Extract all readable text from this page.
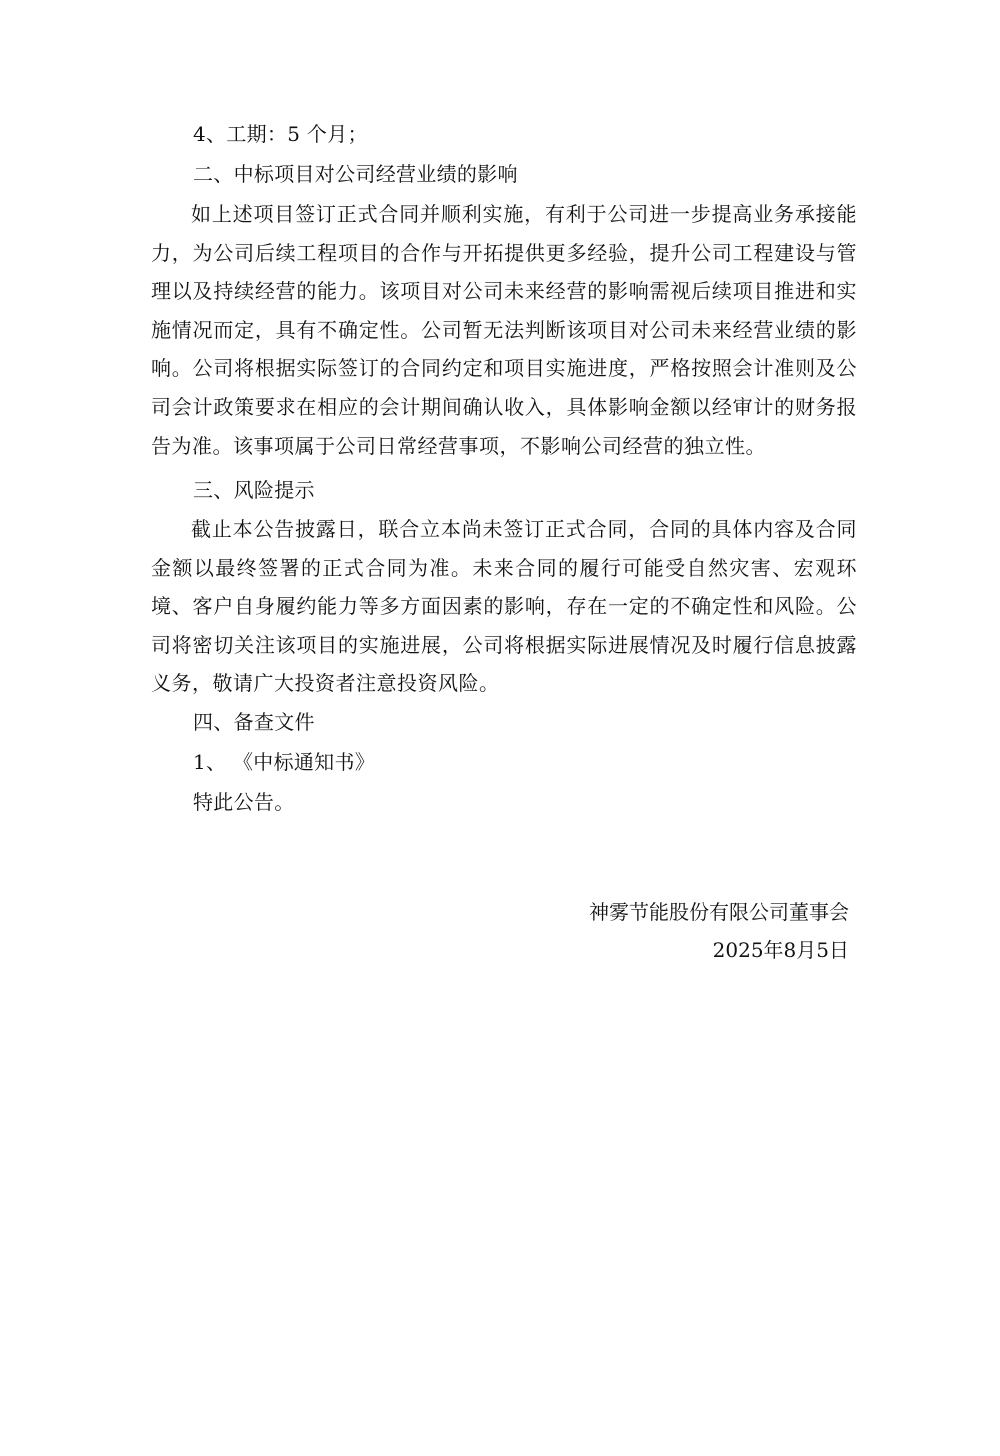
4、工期：5 个月；
二、中标项目对公司经营业绩的影响
如上述项目签订正式合同并顺利实施，有利于公司进一步提高业务承接能力，为公司后续工程项目的合作与开拓提供更多经验，提升公司工程建设与管理以及持续经营的能力。该项目对公司未来经营的影响需视后续项目推进和实施情况而定，具有不确定性。公司暂无法判断该项目对公司未来经营业绩的影响。公司将根据实际签订的合同约定和项目实施进度，严格按照会计准则及公司会计政策要求在相应的会计期间确认收入，具体影响金额以经审计的财务报告为准。该事项属于公司日常经营事项，不影响公司经营的独立性。
三、风险提示
截止本公告披露日，联合立本尚未签订正式合同，合同的具体内容及合同金额以最终签署的正式合同为准。未来合同的履行可能受自然灾害、宏观环境、客户自身履约能力等多方面因素的影响，存在一定的不确定性和风险。公司将密切关注该项目的实施进展，公司将根据实际进展情况及时履行信息披露义务，敬请广大投资者注意投资风险。
四、备查文件
1、 《中标通知书》
特此公告。
神雾节能股份有限公司董事会
2025年8月5日
